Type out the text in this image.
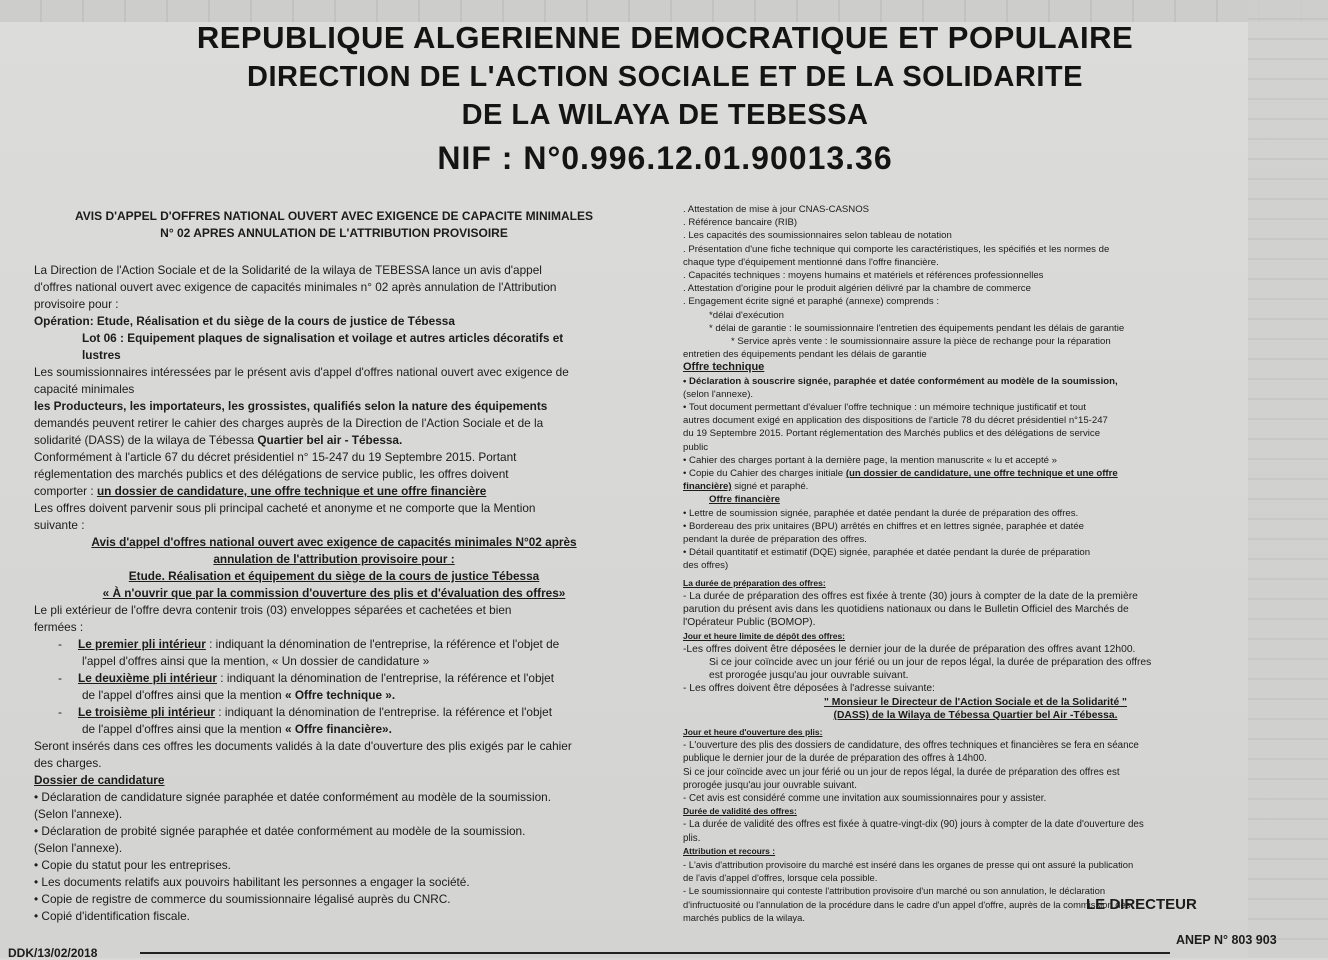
REPUBLIQUE ALGERIENNE DEMOCRATIQUE ET POPULAIRE
DIRECTION DE L'ACTION SOCIALE ET DE LA SOLIDARITE
DE LA WILAYA DE TEBESSA
NIF : N°0.996.12.01.90013.36
AVIS D'APPEL D'OFFRES NATIONAL OUVERT AVEC EXIGENCE DE CAPACITE MINIMALES
N° 02 APRES ANNULATION DE L'ATTRIBUTION PROVISOIRE

La Direction de l'Action Sociale et de la Solidarité de la wilaya de TEBESSA lance un avis d'appel

d'offres national ouvert avec exigence de capacités minimales n° 02 après annulation de l'Attribution

provisoire pour :

Opération: Etude, Réalisation et du siège de la cours de justice de Tébessa

Lot 06 : Equipement plaques de signalisation et voilage et autres articles décoratifs et

lustres

Les soumissionnaires intéressées par le présent avis d'appel d'offres national ouvert avec exigence de

capacité minimales

les Producteurs, les importateurs, les grossistes, qualifiés selon la nature des équipements

demandés peuvent retirer le cahier des charges auprès de la Direction de l'Action Sociale et de la

solidarité (DASS) de la wilaya de Tébessa Quartier bel air - Tébessa.

Conformément à l'article 67 du décret présidentiel n° 15-247 du 19 Septembre 2015. Portant

réglementation des marchés publics et des délégations de service public, les offres doivent

comporter : un dossier de candidature, une offre technique et une offre financière

Les offres doivent parvenir sous pli principal cacheté et anonyme et ne comporte que la Mention

suivante :

Avis d'appel d'offres national ouvert avec exigence de capacités minimales N°02 après

annulation de l'attribution provisoire pour :

Etude. Réalisation et équipement du siège de la cours de justice Tébessa

« À n'ouvrir que par la commission d'ouverture des plis et d'évaluation des offres»

Le pli extérieur de l'offre devra contenir trois (03) enveloppes séparées et cachetées et bien

fermées :

-	Le premier pli intérieur : indiquant la dénomination de l'entreprise, la référence et l'objet de

l'appel d'offres ainsi que la mention, « Un dossier de candidature »

-	Le deuxième pli intérieur : indiquant la dénomination de l'entreprise, la référence et l'objet

de l'appel d'offres ainsi que la mention « Offre technique ».

-	Le troisième pli intérieur : indiquant la dénomination de l'entreprise. la référence et l'objet

de l'appel d'offres ainsi que la mention « Offre financière».

Seront insérés dans ces offres les documents validés à la date d'ouverture des plis exigés par le cahier

des charges.

Dossier de candidature

• Déclaration de candidature signée paraphée et datée conformément au modèle de la soumission.

(Selon l'annexe).

• Déclaration de probité signée paraphée et datée conformément au modèle de la soumission.

(Selon l'annexe).

• Copie du statut pour les entreprises.

• Les documents relatifs aux pouvoirs habilitant les personnes a engager la société.

• Copie de registre de commerce du soumissionnaire légalisé auprès du CNRC.

• Copié d'identification fiscale.

. Attestation de mise à jour CNAS-CASNOS

. Référence bancaire (RIB)

. Les capacités des soumissionnaires selon tableau de notation

. Présentation d'une fiche technique qui comporte les caractéristiques, les spécifiés et les normes de

chaque type d'équipement mentionné dans l'offre financière.

. Capacités techniques : moyens humains et matériels et références professionnelles

. Attestation d'origine pour le produit algérien délivré par la chambre de commerce

. Engagement écrite signé et paraphé (annexe) comprends :

*délai d'exécution

* délai de garantie : le soumissionnaire l'entretien des équipements pendant les délais de garantie

* Service après vente : le soumissionnaire assure la pièce de rechange pour la réparation

entretien des équipements pendant les délais de garantie

Offre technique

• Déclaration à souscrire signée, paraphée et datée conformément au modèle de la soumission,

(selon l'annexe).

• Tout document permettant d'évaluer l'offre technique : un mémoire technique justificatif et tout

autres document exigé en application des dispositions de l'article 78 du décret présidentiel n°15-247

du 19 Septembre 2015. Portant réglementation des Marchés publics et des délégations de service

public

• Cahier des charges portant à la dernière page, la mention manuscrite « lu et accepté »

• Copie du Cahier des charges initiale (un dossier de candidature, une offre technique et une offre

financière) signé et paraphé.

Offre financière

• Lettre de soumission signée, paraphée et datée pendant la durée de préparation des offres.

• Bordereau des prix unitaires (BPU) arrêtés en chiffres et en lettres signée, paraphée et datée

pendant la durée de préparation des offres.

• Détail quantitatif et estimatif (DQE) signée, paraphée et datée pendant la durée de préparation

des offres)

La durée de préparation des offres:

- La durée de préparation des offres est fixée à trente (30) jours à compter de la date de la première

parution du présent avis dans les quotidiens nationaux ou dans le Bulletin Officiel des Marchés de

l'Opérateur Public (BOMOP).

Jour et heure limite de dépôt des offres:

-Les offres doivent être déposées le dernier jour de la durée de préparation des offres avant 12h00.

Si ce jour coïncide avec un jour férié ou un jour de repos légal, la durée de préparation des offres

est prorogée jusqu'au jour ouvrable suivant.

- Les offres doivent être déposées à l'adresse suivante:

" Monsieur le Directeur de l'Action Sociale et de la Solidarité "

(DASS) de la Wilaya de Tébessa Quartier bel Air -Tébessa.

Jour et heure d'ouverture des plis:

- L'ouverture des plis des dossiers de candidature, des offres techniques et financières se fera en séance

publique le dernier jour de la durée de préparation des offres à 14h00.

Si ce jour coïncide avec un jour férié ou un jour de repos légal, la durée de préparation des offres est

prorogée jusqu'au jour ouvrable suivant.

- Cet avis est considéré comme une invitation aux soumissionnaires pour y assister.

Durée de validité des offres:

- La durée de validité des offres est fixée à quatre-vingt-dix (90) jours à compter de la date d'ouverture des

plis.

Attribution et recours :

- L'avis d'attribution provisoire du marché est inséré dans les organes de presse qui ont assuré la publication

de l'avis d'appel d'offres, lorsque cela possible.

- Le soumissionnaire qui conteste l'attribution provisoire d'un marché ou son annulation, le déclaration

d'infructuosité ou l'annulation de la procédure dans le cadre d'un appel d'offre, auprès de la commission des

marchés publics de la wilaya.

LE DIRECTEUR
DDK/13/02/2018
ANEP N° 803 903
